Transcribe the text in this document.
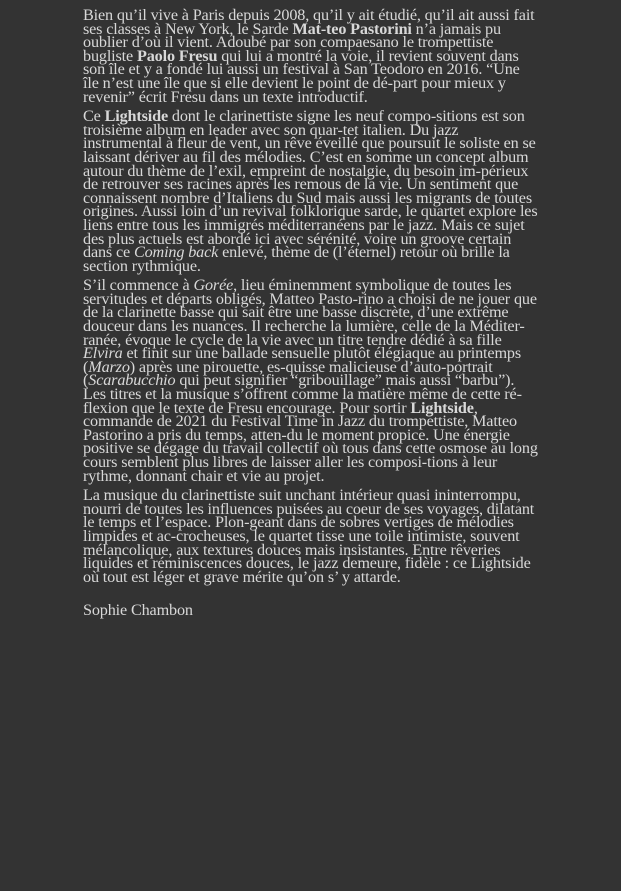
Bien qu’il vive à Paris depuis 2008, qu’il y ait étudié, qu’il ait aussi fait ses classes à New York, le Sarde Mat-teo Pastorini n’a jamais pu oublier d’où il vient. Adoubé par son compaesano le trompettiste bugliste Paolo Fresu qui lui a montré la voie, il revient souvent dans son île et y a fondé lui aussi un festival à San Teodoro en 2016. “Une île n’est une île que si elle devient le point de dé-part pour mieux y revenir” écrit Fresu dans un texte introductif.

Ce Lightside dont le clarinettiste signe les neuf compo-sitions est son troisième album en leader avec son quar-tet italien. Du jazz instrumental à fleur de vent, un rêve éveillé que poursuit le soliste en se laissant dériver au fil des mélodies. C’est en somme un concept album autour du thème de l’exil, empreint de nostalgie, du besoin im-périeux de retrouver ses racines après les remous de la vie. Un sentiment que connaissent nombre d’Italiens du Sud mais aussi les migrants de toutes origines. Aussi loin d’un revival folklorique sarde, le quartet explore les liens entre tous les immigrés méditerranéens par le jazz. Mais ce sujet des plus actuels est abordé ici avec sérénité, voire un groove certain dans ce Coming back enlevé, thème de (l’éternel) retour où brille la section rythmique.

S’il commence à Gorée, lieu éminemment symbolique de toutes les servitudes et départs obligés, Matteo Pasto-rino a choisi de ne jouer que de la clarinette basse qui sait être une basse discrète, d’une extrême douceur dans les nuances. Il recherche la lumière, celle de la Méditer-ranée, évoque le cycle de la vie avec un titre tendre dédié à sa fille Elvira et finit sur une ballade sensuelle plutôt élégiaque au printemps (Marzo) après une pirouette, es-quisse malicieuse d’auto-portrait (Scarabucchio qui peut signifier “gribouillage” mais aussi “barbu”). Les titres et la musique s’offrent comme la matière même de cette ré-flexion que le texte de Fresu encourage. Pour sortir Lightside, commande de 2021 du Festival Time in Jazz du trompettiste, Matteo Pastorino a pris du temps, atten-du le moment propice. Une énergie positive se dégage du travail collectif où tous dans cette osmose au long cours semblent plus libres de laisser aller les composi-tions à leur rythme, donnant chair et vie au projet.

La musique du clarinettiste suit unchant intérieur quasi ininterrompu, nourri de toutes les influences puisées au coeur de ses voyages, dilatant le temps et l’espace. Plon-geant dans de sobres vertiges de mélodies limpides et ac-crocheuses, le quartet tisse une toile intimiste, souvent mélancolique, aux textures douces mais insistantes. Entre rêveries liquides et réminiscences douces, le jazz demeure, fidèle : ce Lightside où tout est léger et grave mérite qu’on s’ y attarde.

Sophie Chambon
